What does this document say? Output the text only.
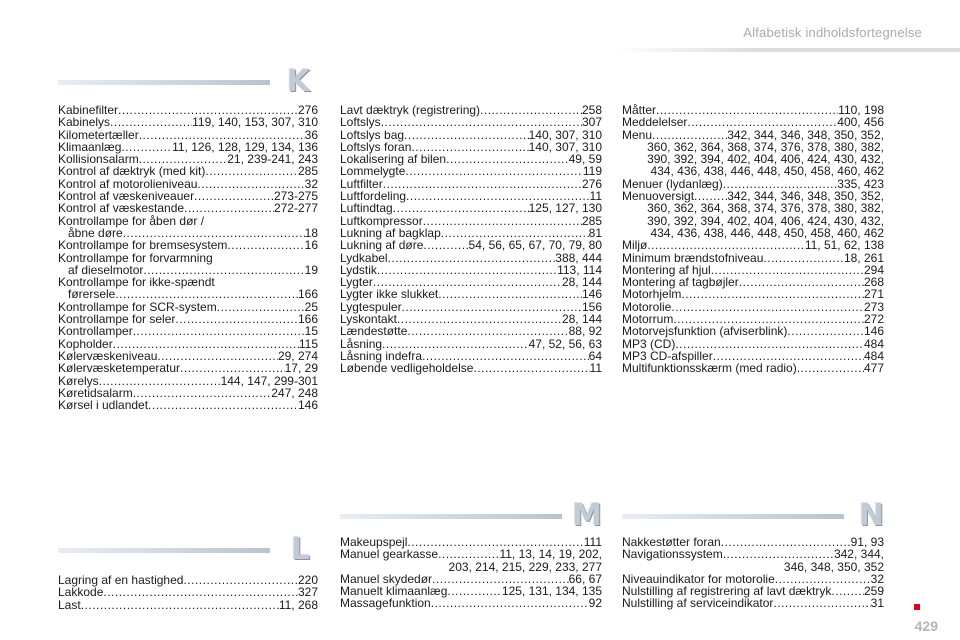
Alfabetisk indholdsfortegnelse
K
L
M	N
Kabinefilter .....	276
Kabinelys .....	119, 140, 153, 307, 310
Kilometertæller .....	36
Klimaanlæg .....	11, 126, 128, 129, 134, 136
Kollisionsalarm .....	21, 239-241, 243
Kontrol af dæktryk (med kit) .....	285
Kontrol af motorolieniveau .....	32
Kontrol af væskeniveauer .....	273-275
Kontrol af væskestande .....	272-277
Kontrollampe for åben dør /
åbne døre .....	18
Kontrollampe for bremsesystem .....	16
Kontrollampe for forvarmning
af dieselmotor .....	19
Kontrollampe for ikke-spændt
førersele .....	166
Kontrollampe for SCR-system .....	25
Kontrollampe for seler .....	166
Kontrollamper .....	15
Kopholder .....	115
Kølervæskeniveau .....	29, 274
Kølervæsketemperatur .....	17, 29
Kørelys .....	144, 147, 299-301
Køretidsalarm .....	247, 248
Kørsel i udlandet .....	146
Lavt dæktryk (registrering) .....	258
Loftslys .....	307
Loftslys bag .....	140, 307, 310
Loftslys foran .....	140, 307, 310
Lokalisering af bilen .....	49, 59
Lommelygte .....	119
Luftfilter .....	276
Luftfordeling .....	11
Luftindtag .....	125, 127, 130
Luftkompressor .....	285
Lukning af bagklap .....	81
Lukning af døre .....	54, 56, 65, 67, 70, 79, 80
Lydkabel .....	388, 444
Lydstik .....	113, 114
Lygter .....	28, 144
Lygter ikke slukket .....	146
Lygtespuler .....	156
Lyskontakt .....	28, 144
Lændestøtte .....	88, 92
Låsning .....	47, 52, 56, 63
Låsning indefra .....	64
Løbende vedligeholdelse .....	11
Måtter .....	110, 198
Meddelelser .....	400, 456
Menu .....	342, 344, 346, 348, 350, 352,
360, 362, 364, 368, 374, 376, 378, 380, 382,
390, 392, 394, 402, 404, 406, 424, 430, 432,
434, 436, 438, 446, 448, 450, 458, 460, 462
Menuer (lydanlæg) .....	335, 423
Menuoversigt .....	342, 344, 346, 348, 350, 352,
360, 362, 364, 368, 374, 376, 378, 380, 382,
390, 392, 394, 402, 404, 406, 424, 430, 432,
434, 436, 438, 446, 448, 450, 458, 460, 462
Miljø .....	11, 51, 62, 138
Minimum brændstofniveau .....	18, 261
Montering af hjul .....	294
Montering af tagbøjler .....	268
Motorhjelm .....	271
Motorolie .....	273
Motorrum .....	272
Motorvejsfunktion (afviserblink) .....	146
MP3 (CD) .....	484
MP3 CD-afspiller .....	484
Multifunktionsskærm (med radio) .....	477
Lagring af en hastighed .....	220
Lakkode .....	327
Last .....	11, 268
Makeupspejl .....	111
Manuel gearkasse .....	11, 13, 14, 19, 202,
203, 214, 215, 229, 233, 277
Manuel skydedør .....	66, 67
Manuelt klimaanlæg .....	125, 131, 134, 135
Massagefunktion .....	92
Nakkestøtter foran .....	91, 93
Navigationssystem .....	342, 344,
346, 348, 350, 352
Niveauindikator for motorolie .....	32
Nulstilling af registrering af lavt dæktryk .....	259
Nulstilling af serviceindikator .....	31
429
